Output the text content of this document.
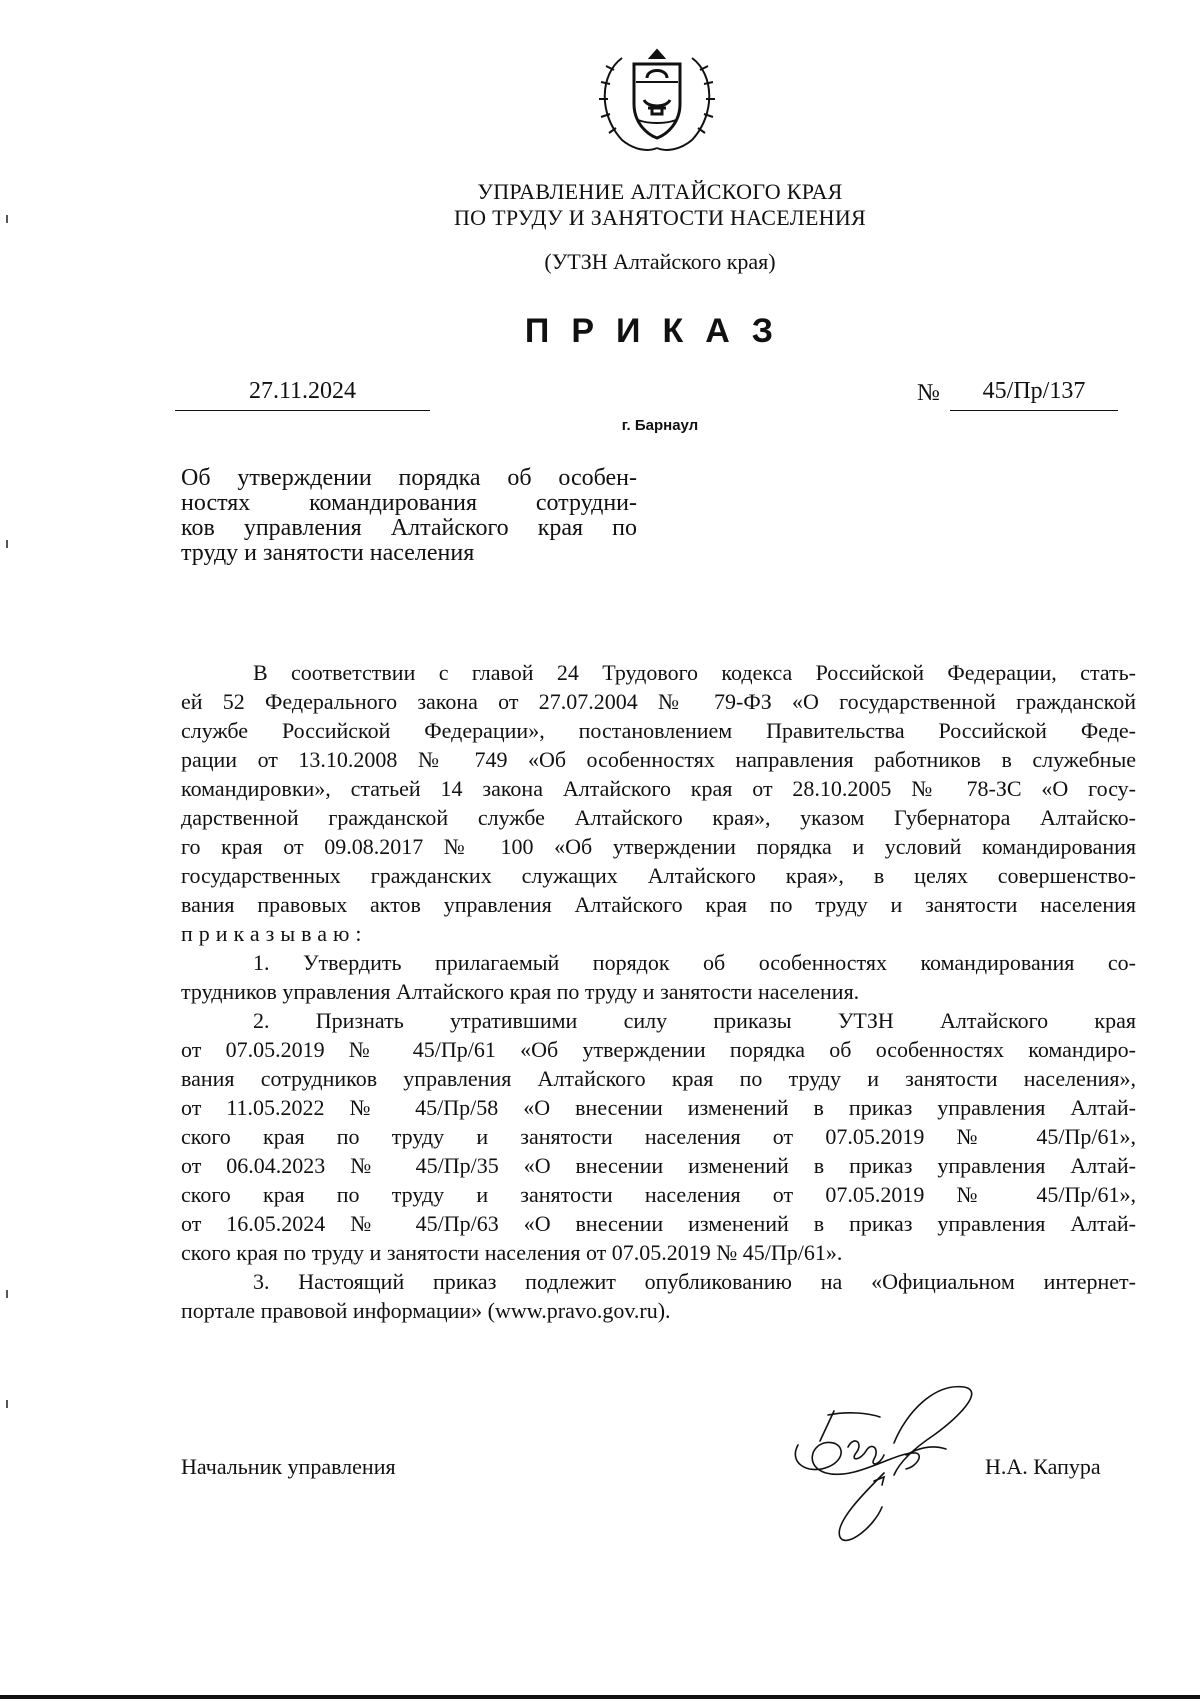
УПРАВЛЕНИЕ АЛТАЙСКОГО КРАЯ
ПО ТРУДУ И ЗАНЯТОСТИ НАСЕЛЕНИЯ
(УТЗН Алтайского края)
ПРИКАЗ
27.11.2024	№	45/Пр/137
г. Барнаул
Об утверждении порядка об особен-
ностях командирования сотрудни-
ков управления Алтайского края по
труду и занятости населения
В соответствии с главой 24 Трудового кодекса Российской Федерации, стать-
ей 52 Федерального закона от 27.07.2004 № 79-ФЗ «О государственной гражданской
службе Российской Федерации», постановлением Правительства Российской Феде-
рации от 13.10.2008 № 749 «Об особенностях направления работников в служебные
командировки», статьей 14 закона Алтайского края от 28.10.2005 № 78-ЗС «О госу-
дарственной гражданской службе Алтайского края», указом Губернатора Алтайско-
го края от 09.08.2017 № 100 «Об утверждении порядка и условий командирования
государственных гражданских служащих Алтайского края», в целях совершенство-
вания правовых актов управления Алтайского края по труду и занятости населения
приказываю:
1. Утвердить прилагаемый порядок об особенностях командирования со-
трудников управления Алтайского края по труду и занятости населения.
2. Признать утратившими силу приказы УТЗН Алтайского края
от 07.05.2019 № 45/Пр/61 «Об утверждении порядка об особенностях командиро-
вания сотрудников управления Алтайского края по труду и занятости населения»,
от 11.05.2022 № 45/Пр/58 «О внесении изменений в приказ управления Алтай-
ского края по труду и занятости населения от 07.05.2019 № 45/Пр/61»,
от 06.04.2023 № 45/Пр/35 «О внесении изменений в приказ управления Алтай-
ского края по труду и занятости населения от 07.05.2019 № 45/Пр/61»,
от 16.05.2024 № 45/Пр/63 «О внесении изменений в приказ управления Алтай-
ского края по труду и занятости населения от 07.05.2019 № 45/Пр/61».
3. Настоящий приказ подлежит опубликованию на «Официальном интернет-
портале правовой информации» (www.pravo.gov.ru).
Начальник управления	Н.А. Капура
